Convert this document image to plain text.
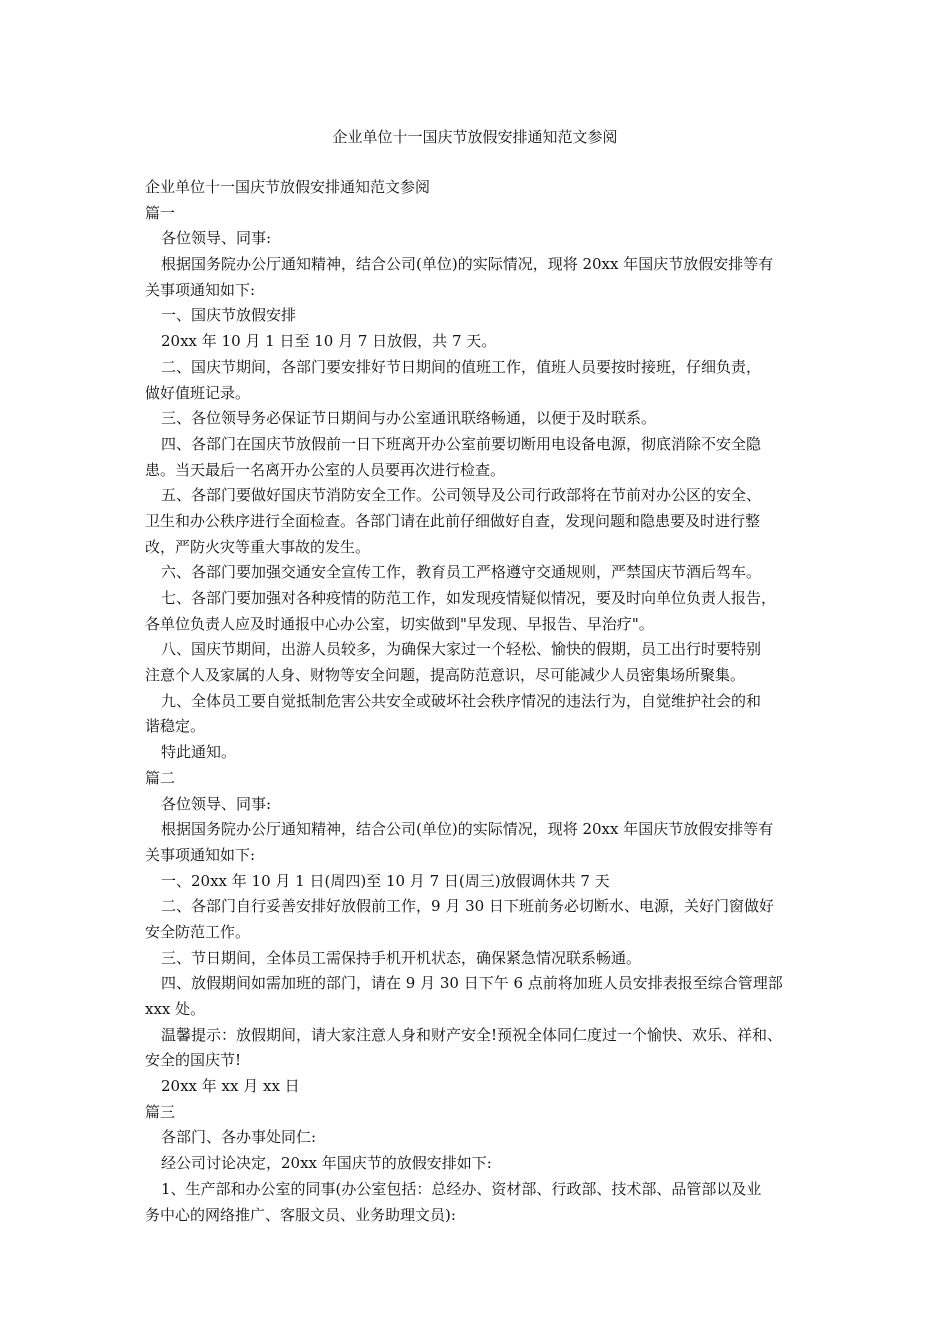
企业单位十一国庆节放假安排通知范文参阅
企业单位十一国庆节放假安排通知范文参阅
篇一
各位领导、同事:
根据国务院办公厅通知精神，结合公司(单位)的实际情况，现将 20xx 年国庆节放假安排等有
关事项通知如下:
一、国庆节放假安排
20xx 年 10 月 1 日至 10 月 7 日放假，共 7 天。
二、国庆节期间，各部门要安排好节日期间的值班工作，值班人员要按时接班，仔细负责，
做好值班记录。
三、各位领导务必保证节日期间与办公室通讯联络畅通，以便于及时联系。
四、各部门在国庆节放假前一日下班离开办公室前要切断用电设备电源，彻底消除不安全隐
患。当天最后一名离开办公室的人员要再次进行检查。
五、各部门要做好国庆节消防安全工作。公司领导及公司行政部将在节前对办公区的安全、
卫生和办公秩序进行全面检查。各部门请在此前仔细做好自查，发现问题和隐患要及时进行整
改，严防火灾等重大事故的发生。
六、各部门要加强交通安全宣传工作，教育员工严格遵守交通规则，严禁国庆节酒后驾车。
七、各部门要加强对各种疫情的防范工作，如发现疫情疑似情况，要及时向单位负责人报告，
各单位负责人应及时通报中心办公室，切实做到"早发现、早报告、早治疗"。
八、国庆节期间，出游人员较多，为确保大家过一个轻松、愉快的假期，员工出行时要特别
注意个人及家属的人身、财物等安全问题，提高防范意识，尽可能减少人员密集场所聚集。
九、全体员工要自觉抵制危害公共安全或破坏社会秩序情况的违法行为，自觉维护社会的和
谐稳定。
特此通知。
篇二
各位领导、同事:
根据国务院办公厅通知精神，结合公司(单位)的实际情况，现将 20xx 年国庆节放假安排等有
关事项通知如下:
一、20xx 年 10 月 1 日(周四)至 10 月 7 日(周三)放假调休共 7 天
二、各部门自行妥善安排好放假前工作，9 月 30 日下班前务必切断水、电源，关好门窗做好
安全防范工作。
三、节日期间，全体员工需保持手机开机状态，确保紧急情况联系畅通。
四、放假期间如需加班的部门，请在 9 月 30 日下午 6 点前将加班人员安排表报至综合管理部
xxx 处。
温馨提示：放假期间，请大家注意人身和财产安全!预祝全体同仁度过一个愉快、欢乐、祥和、
安全的国庆节!
20xx 年 xx 月 xx 日
篇三
各部门、各办事处同仁:
经公司讨论决定，20xx 年国庆节的放假安排如下:
1、生产部和办公室的同事(办公室包括：总经办、资材部、行政部、技术部、品管部以及业
务中心的网络推广、客服文员、业务助理文员):
